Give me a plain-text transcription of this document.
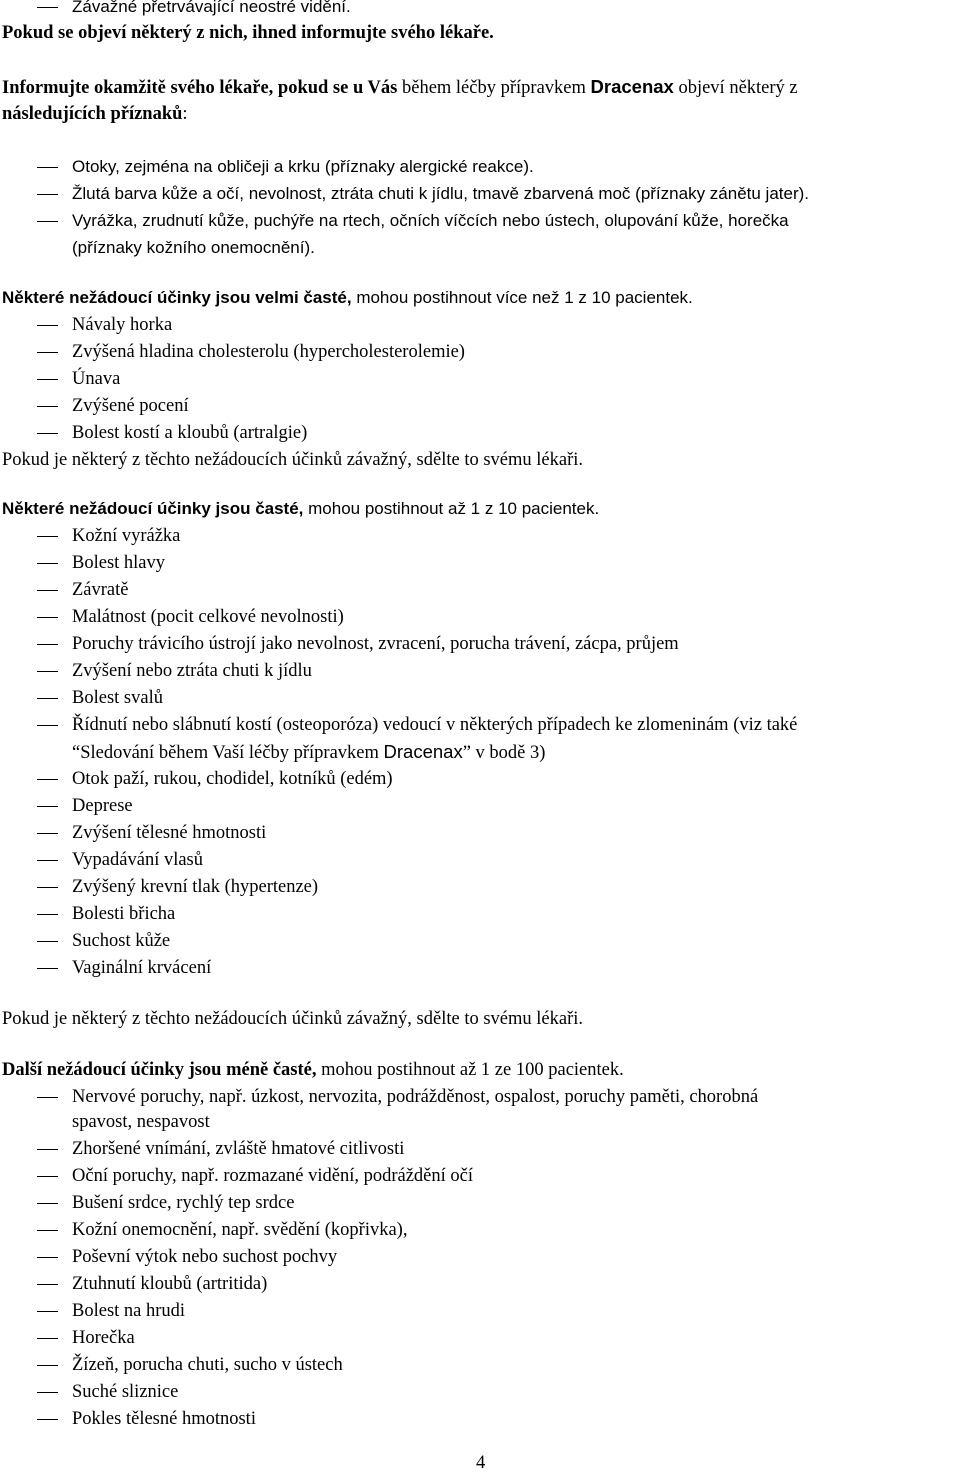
Závažné přetrvávající neostré vidění.
Pokud se objeví některý z nich, ihned informujte svého lékaře.
Informujte okamžitě svého lékaře, pokud se u Vás během léčby přípravkem Dracenax objeví některý z
následujících příznaků:
Otoky, zejména na obličeji a krku (příznaky alergické reakce).
Žlutá barva kůže a očí, nevolnost, ztráta chuti k jídlu, tmavě zbarvená moč (příznaky zánětu jater).
Vyrážka, zrudnutí kůže, puchýře na rtech, očních víčcích nebo ústech, olupování kůže, horečka
(příznaky kožního onemocnění).
Některé nežádoucí účinky jsou velmi časté, mohou postihnout více než 1 z 10 pacientek.
Návaly horka
Zvýšená hladina cholesterolu (hypercholesterolemie)
Únava
Zvýšené pocení
Bolest kostí a kloubů (artralgie)
Pokud je některý z těchto nežádoucích účinků závažný, sdělte to svému lékaři.
Některé nežádoucí účinky jsou časté, mohou postihnout až 1 z 10 pacientek.
Kožní vyrážka
Bolest hlavy
Závratě
Malátnost (pocit celkové nevolnosti)
Poruchy trávicího ústrojí jako nevolnost, zvracení, porucha trávení, zácpa, průjem
Zvýšení nebo ztráta chuti k jídlu
Bolest svalů
Řídnutí nebo slábnutí kostí (osteoporóza) vedoucí v některých případech ke zlomeninám (viz také
“Sledování během Vaší léčby přípravkem Dracenax” v bodě 3)
Otok paží, rukou, chodidel, kotníků (edém)
Deprese
Zvýšení tělesné hmotnosti
Vypadávání vlasů
Zvýšený krevní tlak (hypertenze)
Bolesti břicha
Suchost kůže
Vaginální krvácení
Pokud je některý z těchto nežádoucích účinků závažný, sdělte to svému lékaři.
Další nežádoucí účinky jsou méně časté, mohou postihnout až 1 ze 100 pacientek.
Nervové poruchy, např. úzkost, nervozita, podrážděnost, ospalost, poruchy paměti, chorobná
spavost, nespavost
Zhoršené vnímání, zvláště hmatové citlivosti
Oční poruchy, např. rozmazané vidění, podráždění očí
Bušení srdce, rychlý tep srdce
Kožní onemocnění, např. svědění (kopřivka),
Poševní výtok nebo suchost pochvy
Ztuhnutí kloubů (artritida)
Bolest na hrudi
Horečka
Žízeň, porucha chuti, sucho v ústech
Suché sliznice
Pokles tělesné hmotnosti
4
